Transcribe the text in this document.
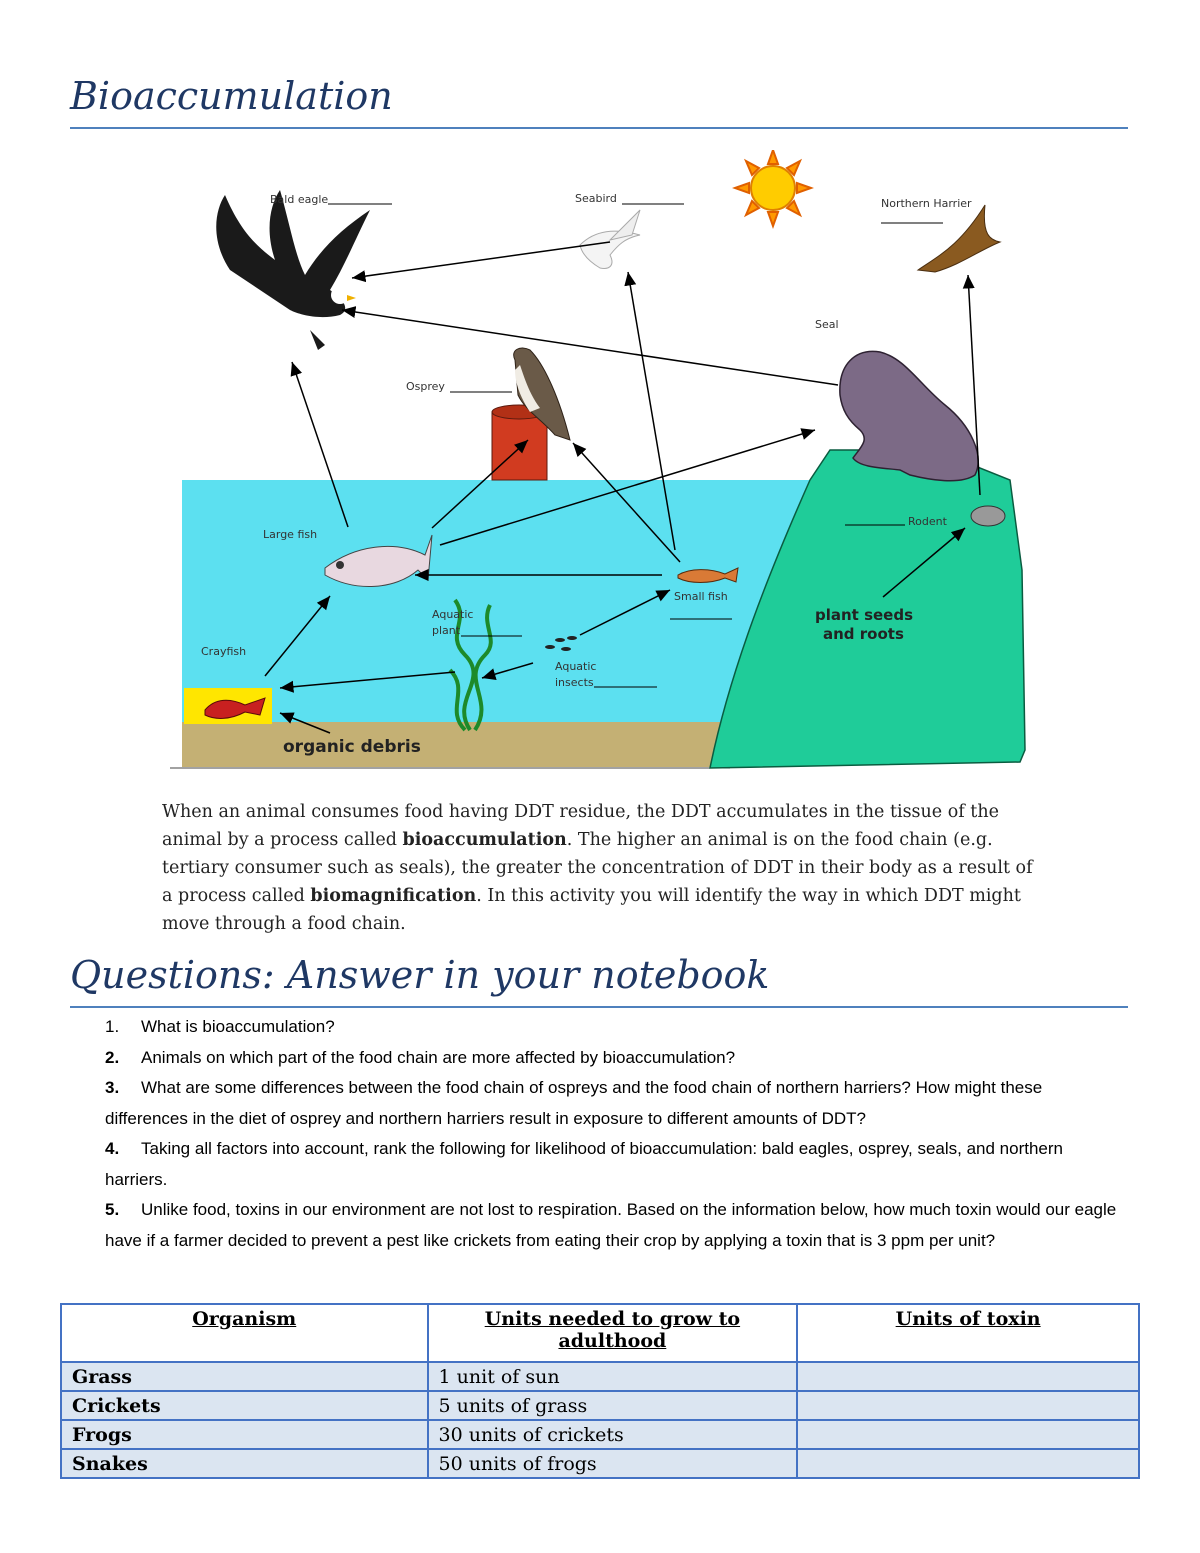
Bioaccumulation
Bald eagle	Seabird	Northern Harrier
Seal
Osprey
Large fish
Rodent
Small fish
Aquatic
plant
Crayfish
Aquatic
insects
plant seeds
and roots
organic debris
When an animal consumes food having DDT residue, the DDT accumulates in the tissue of the animal by a process called bioaccumulation. The higher an animal is on the food chain (e.g. tertiary consumer such as seals), the greater the concentration of DDT in their body as a result of a process called biomagnification. In this activity you will identify the way in which DDT might move through a food chain.
Questions: Answer in your notebook
1. What is bioaccumulation?
2. Animals on which part of the food chain are more affected by bioaccumulation?
3. What are some differences between the food chain of ospreys and the food chain of northern harriers? How might these differences in the diet of osprey and northern harriers result in exposure to different amounts of DDT?
4. Taking all factors into account, rank the following for likelihood of bioaccumulation: bald eagles, osprey, seals, and northern harriers.
5. Unlike food, toxins in our environment are not lost to respiration. Based on the information below, how much toxin would our eagle have if a farmer decided to prevent a pest like crickets from eating their crop by applying a toxin that is 3 ppm per unit?
Organism	Units needed to grow to adulthood	Units of toxin
Grass	1 unit of sun	
Crickets	5 units of grass	
Frogs	30 units of crickets	
Snakes	50 units of frogs	
